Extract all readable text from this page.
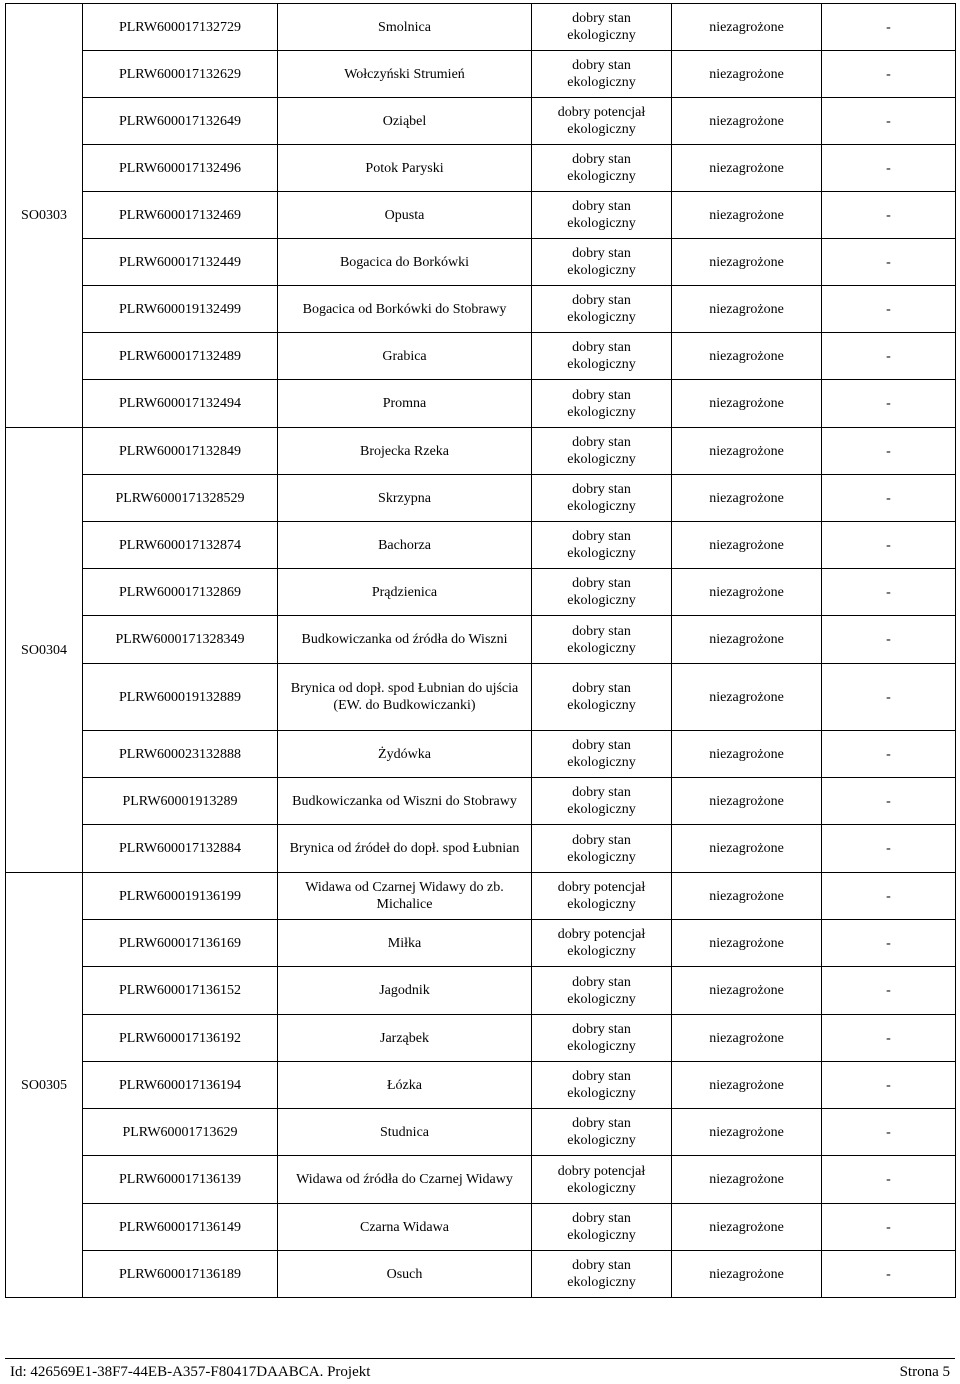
SO0303	PLRW600017132729	Smolnica	dobry stan
ekologiczny	niezagrożone	-
	PLRW600017132629	Wołczyński Strumień	dobry stan
ekologiczny	niezagrożone	-
	PLRW600017132649	Oziąbel	dobry potencjał
ekologiczny	niezagrożone	-
	PLRW600017132496	Potok Paryski	dobry stan
ekologiczny	niezagrożone	-
	PLRW600017132469	Opusta	dobry stan
ekologiczny	niezagrożone	-
	PLRW600017132449	Bogacica do Borkówki	dobry stan
ekologiczny	niezagrożone	-
	PLRW600019132499	Bogacica od Borkówki do Stobrawy	dobry stan
ekologiczny	niezagrożone	-
	PLRW600017132489	Grabica	dobry stan
ekologiczny	niezagrożone	-
	PLRW600017132494	Promna	dobry stan
ekologiczny	niezagrożone	-
SO0304	PLRW600017132849	Brojecka Rzeka	dobry stan
ekologiczny	niezagrożone	-
	PLRW6000171328529	Skrzypna	dobry stan
ekologiczny	niezagrożone	-
	PLRW600017132874	Bachorza	dobry stan
ekologiczny	niezagrożone	-
	PLRW600017132869	Prądzienica	dobry stan
ekologiczny	niezagrożone	-
	PLRW6000171328349	Budkowiczanka od źródła do Wiszni	dobry stan
ekologiczny	niezagrożone	-
	PLRW600019132889	Brynica od dopł. spod Łubnian do ujścia (EW. do Budkowiczanki)	dobry stan
ekologiczny	niezagrożone	-
	PLRW600023132888	Żydówka	dobry stan
ekologiczny	niezagrożone	-
	PLRW60001913289	Budkowiczanka od Wiszni do Stobrawy	dobry stan
ekologiczny	niezagrożone	-
	PLRW600017132884	Brynica od źródeł do dopł. spod Łubnian	dobry stan
ekologiczny	niezagrożone	-
SO0305	PLRW600019136199	Widawa od Czarnej Widawy do zb. Michalice	dobry potencjał
ekologiczny	niezagrożone	-
	PLRW600017136169	Miłka	dobry potencjał
ekologiczny	niezagrożone	-
	PLRW600017136152	Jagodnik	dobry stan
ekologiczny	niezagrożone	-
	PLRW600017136192	Jarząbek	dobry stan
ekologiczny	niezagrożone	-
	PLRW600017136194	Łózka	dobry stan
ekologiczny	niezagrożone	-
	PLRW60001713629	Studnica	dobry stan
ekologiczny	niezagrożone	-
	PLRW600017136139	Widawa od źródła do Czarnej Widawy	dobry potencjał
ekologiczny	niezagrożone	-
	PLRW600017136149	Czarna Widawa	dobry stan
ekologiczny	niezagrożone	-
	PLRW600017136189	Osuch	dobry stan
ekologiczny	niezagrożone	-
Id: 426569E1-38F7-44EB-A357-F80417DAABCA. Projekt	Strona 5
